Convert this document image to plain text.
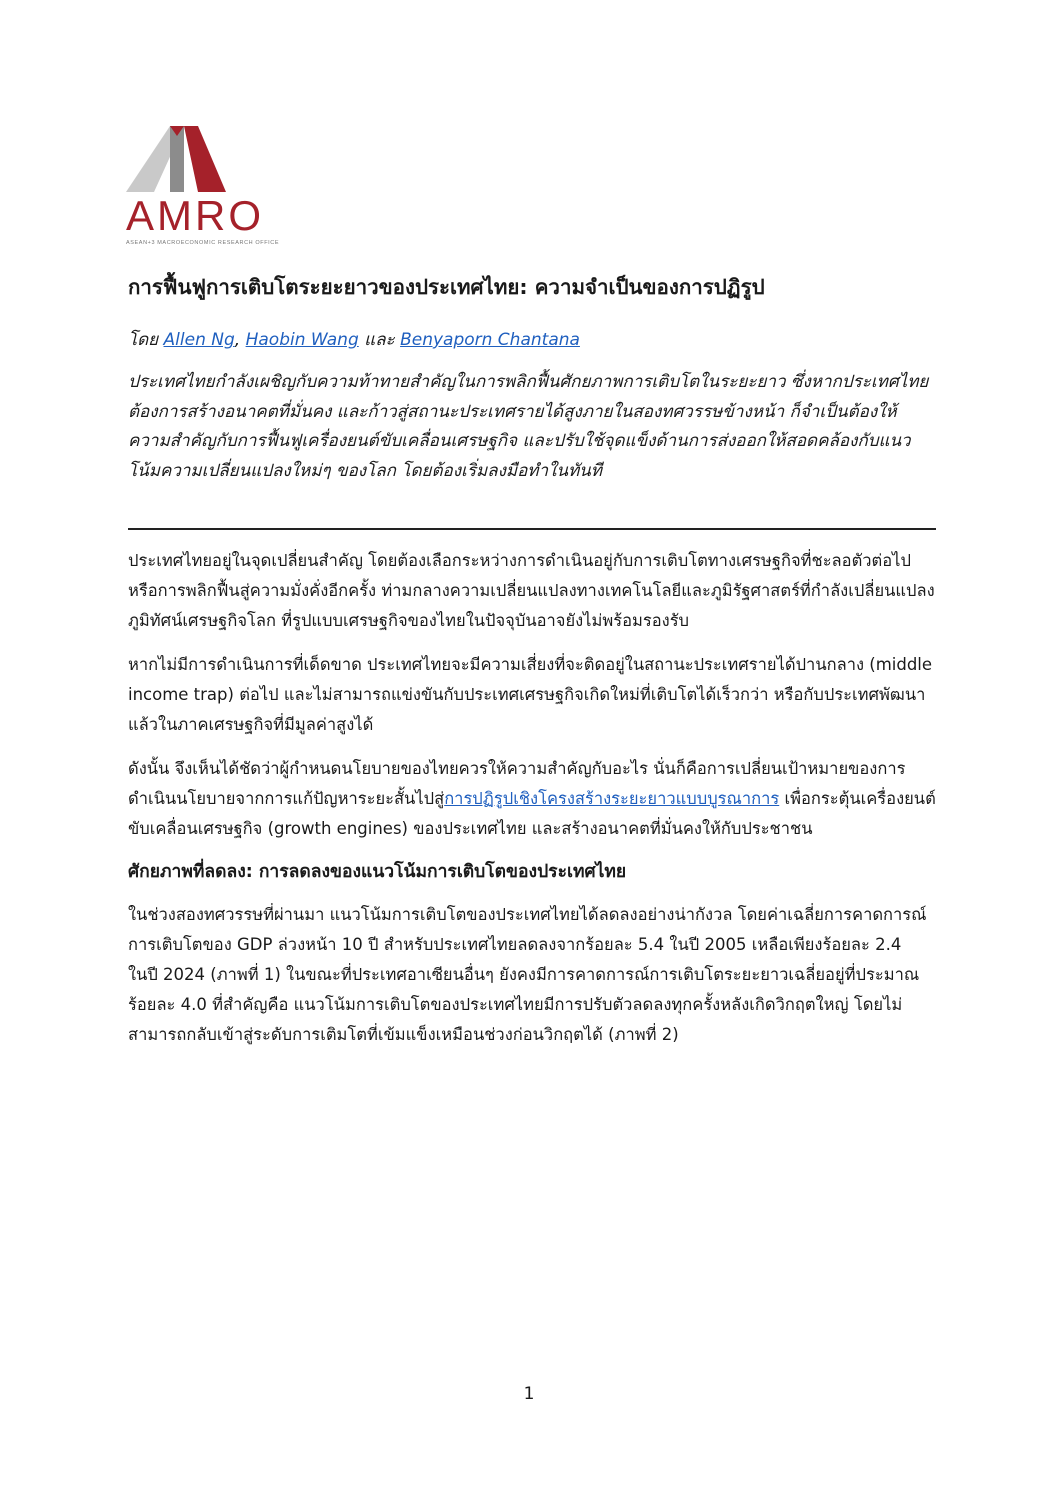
AMRO
ASEAN+3 MACROECONOMIC RESEARCH OFFICE
การฟื้นฟูการเติบโตระยะยาวของประเทศไทย: ความจำเป็นของการปฏิรูป

โดย Allen Ng, Haobin Wang และ Benyaporn Chantana

ประเทศไทยกำลังเผชิญกับความท้าทายสำคัญในการพลิกฟื้นศักยภาพการเติบโตในระยะยาว ซึ่งหากประเทศไทยต้องการสร้างอนาคตที่มั่นคง และก้าวสู่สถานะประเทศรายได้สูงภายในสองทศวรรษข้างหน้า ก็จำเป็นต้องให้ความสำคัญกับการฟื้นฟูเครื่องยนต์ขับเคลื่อนเศรษฐกิจ และปรับใช้จุดแข็งด้านการส่งออกให้สอดคล้องกับแนวโน้มความเปลี่ยนแปลงใหม่ๆ ของโลก โดยต้องเริ่มลงมือทำในทันที

ประเทศไทยอยู่ในจุดเปลี่ยนสำคัญ โดยต้องเลือกระหว่างการดำเนินอยู่กับการเติบโตทางเศรษฐกิจที่ชะลอตัวต่อไป หรือการพลิกฟื้นสู่ความมั่งคั่งอีกครั้ง ท่ามกลางความเปลี่ยนแปลงทางเทคโนโลยีและภูมิรัฐศาสตร์ที่กำลังเปลี่ยนแปลงภูมิทัศน์เศรษฐกิจโลก ที่รูปแบบเศรษฐกิจของไทยในปัจจุบันอาจยังไม่พร้อมรองรับ

หากไม่มีการดำเนินการที่เด็ดขาด ประเทศไทยจะมีความเสี่ยงที่จะติดอยู่ในสถานะประเทศรายได้ปานกลาง (middle income trap) ต่อไป และไม่สามารถแข่งขันกับประเทศเศรษฐกิจเกิดใหม่ที่เติบโตได้เร็วกว่า หรือกับประเทศพัฒนาแล้วในภาคเศรษฐกิจที่มีมูลค่าสูงได้

ดังนั้น จึงเห็นได้ชัดว่าผู้กำหนดนโยบายของไทยควรให้ความสำคัญกับอะไร นั่นก็คือการเปลี่ยนเป้าหมายของการดำเนินนโยบายจากการแก้ปัญหาระยะสั้นไปสู่การปฏิรูปเชิงโครงสร้างระยะยาวแบบบูรณาการ เพื่อกระตุ้นเครื่องยนต์ขับเคลื่อนเศรษฐกิจ (growth engines) ของประเทศไทย และสร้างอนาคตที่มั่นคงให้กับประชาชน

ศักยภาพที่ลดลง: การลดลงของแนวโน้มการเติบโตของประเทศไทย

ในช่วงสองทศวรรษที่ผ่านมา แนวโน้มการเติบโตของประเทศไทยได้ลดลงอย่างน่ากังวล โดยค่าเฉลี่ยการคาดการณ์การเติบโตของ GDP ล่วงหน้า 10 ปี สำหรับประเทศไทยลดลงจากร้อยละ 5.4 ในปี 2005 เหลือเพียงร้อยละ 2.4 ในปี 2024 (ภาพที่ 1) ในขณะที่ประเทศอาเซียนอื่นๆ ยังคงมีการคาดการณ์การเติบโตระยะยาวเฉลี่ยอยู่ที่ประมาณร้อยละ 4.0 ที่สำคัญคือ แนวโน้มการเติบโตของประเทศไทยมีการปรับตัวลดลงทุกครั้งหลังเกิดวิกฤตใหญ่ โดยไม่สามารถกลับเข้าสู่ระดับการเติมโตที่เข้มแข็งเหมือนช่วงก่อนวิกฤตได้ (ภาพที่ 2)

1
